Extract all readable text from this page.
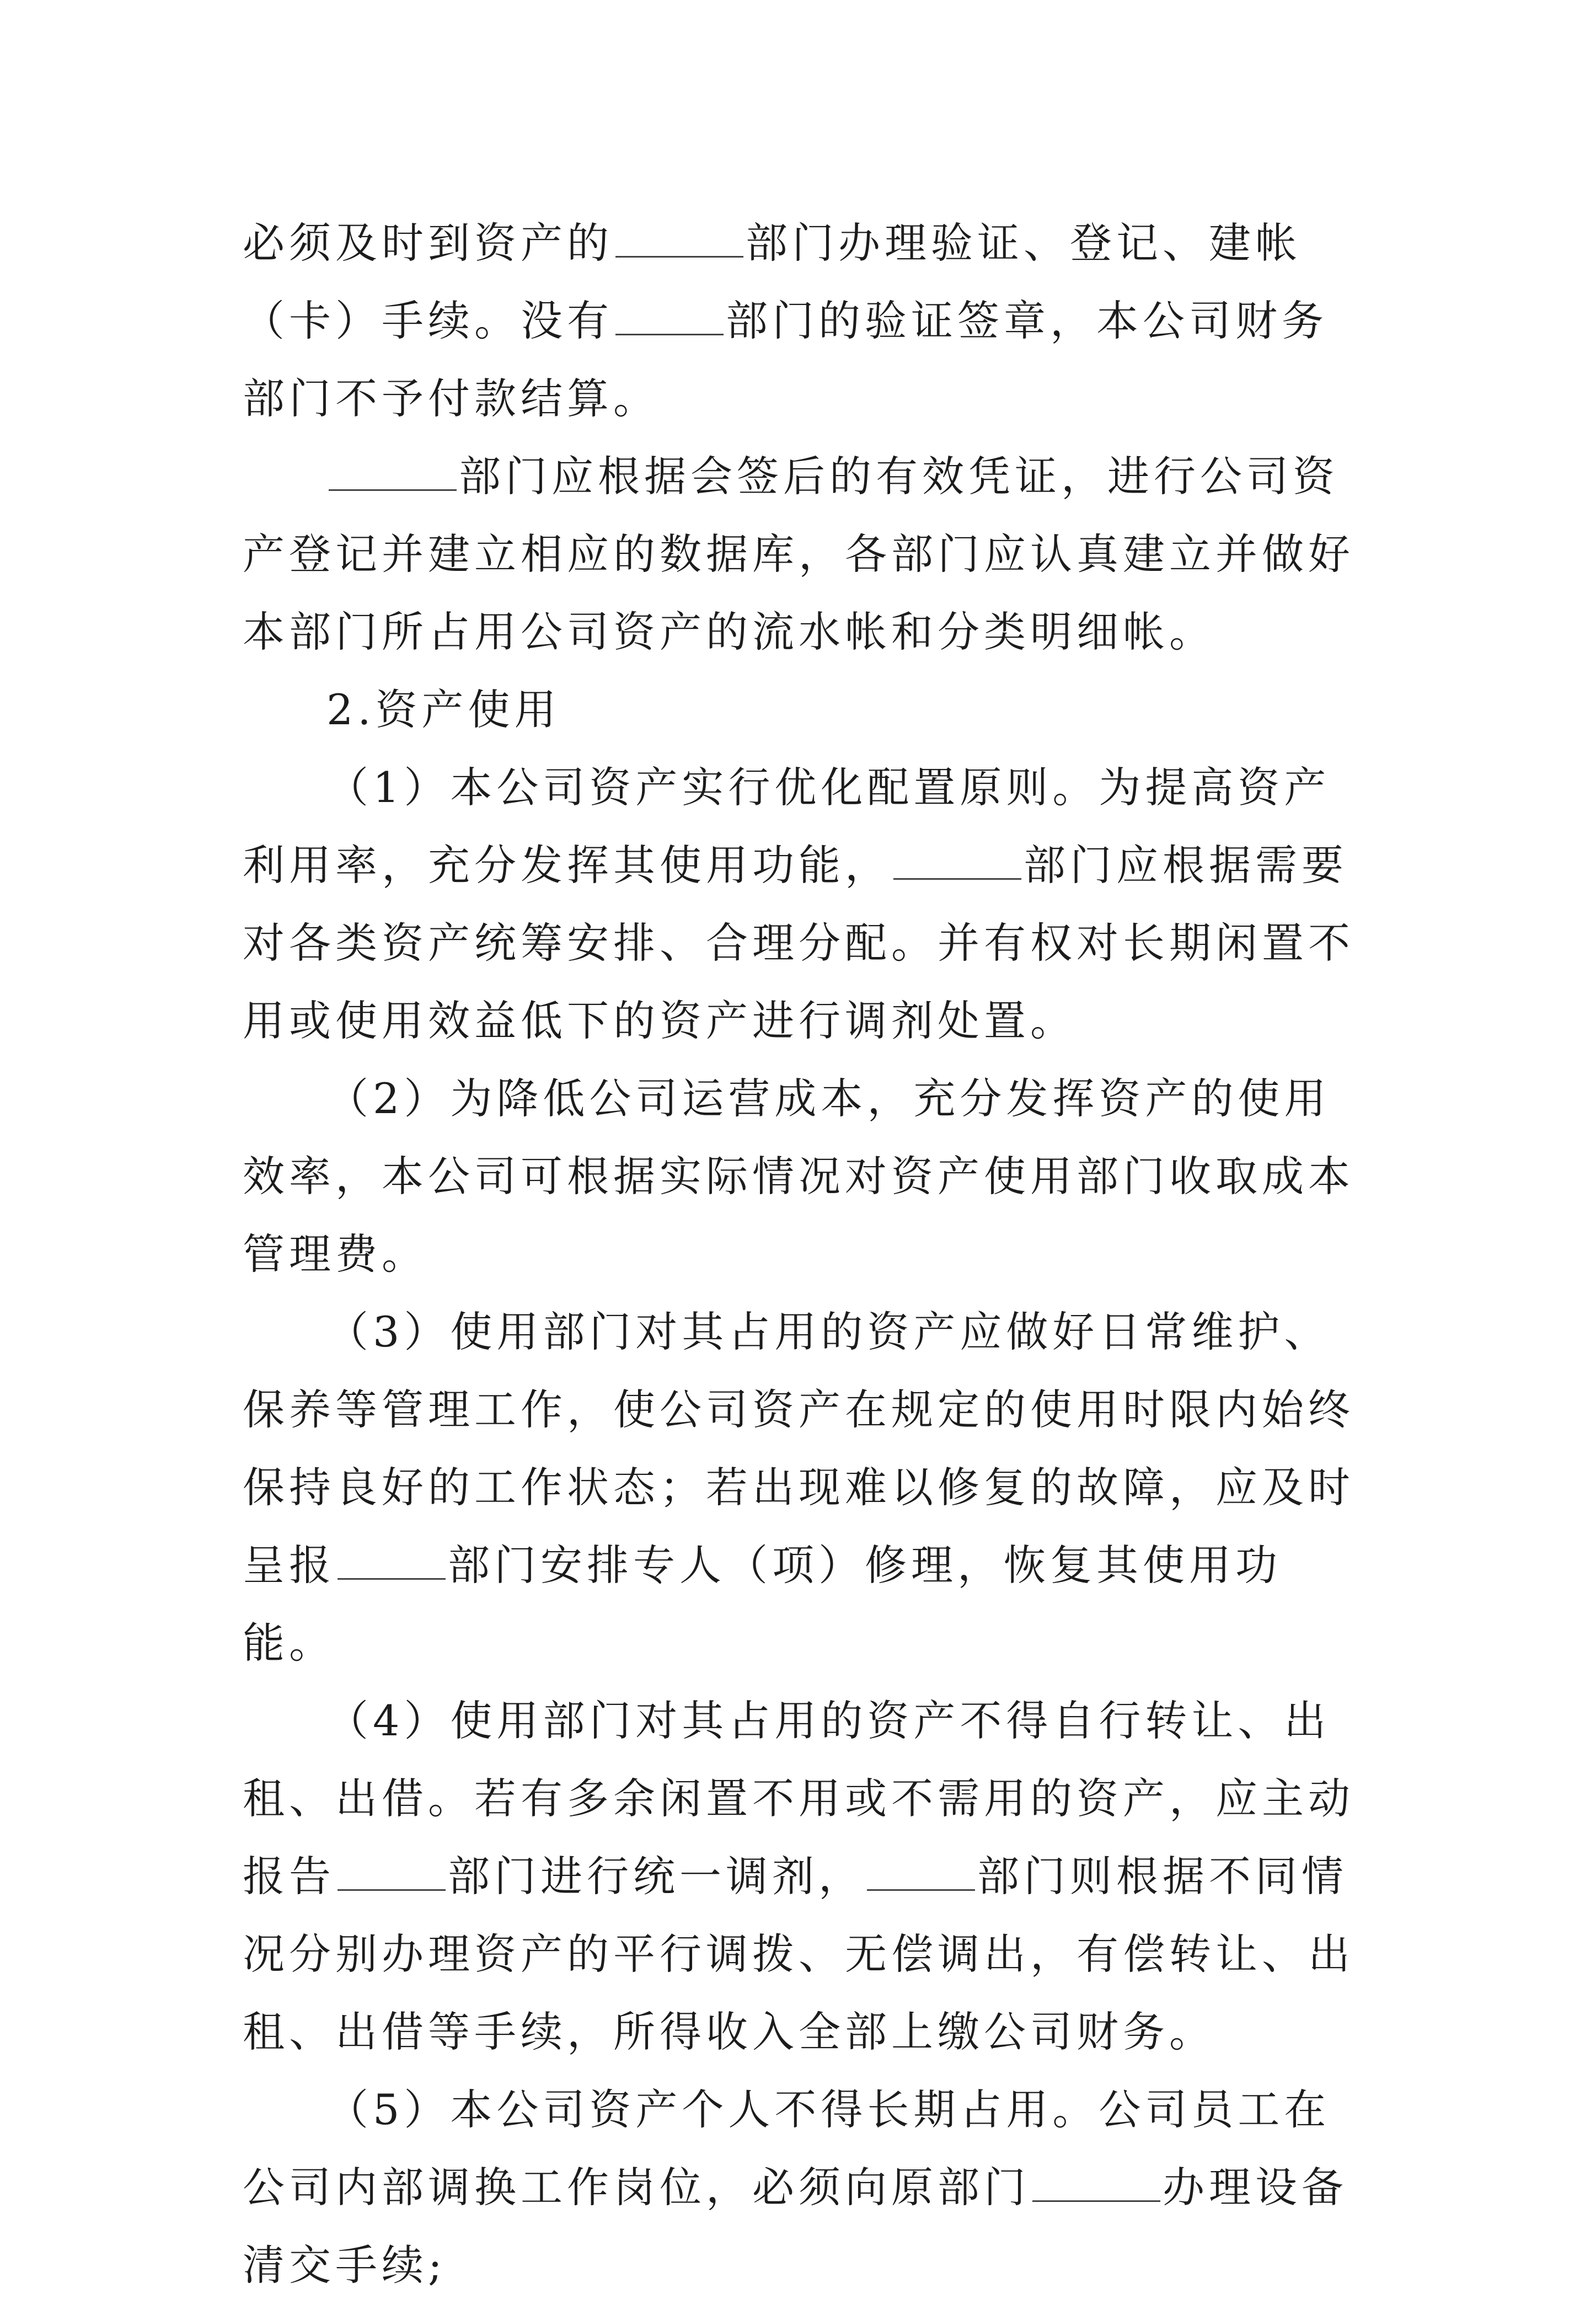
必须及时到资产的	部门办理验证、登记、建帐（卡）手续。没有	部门的验证签章，本公司财务部门不予付款结算。

部门应根据会签后的有效凭证，进行公司资产登记并建立相应的数据库，各部门应认真建立并做好本部门所占用公司资产的流水帐和分类明细帐。

2.资产使用

（1）本公司资产实行优化配置原则。为提高资产利用率，充分发挥其使用功能，	部门应根据需要对各类资产统筹安排、合理分配。并有权对长期闲置不用或使用效益低下的资产进行调剂处置。

（2）为降低公司运营成本，充分发挥资产的使用效率，本公司可根据实际情况对资产使用部门收取成本管理费。

（3）使用部门对其占用的资产应做好日常维护、保养等管理工作，使公司资产在规定的使用时限内始终保持良好的工作状态；若出现难以修复的故障，应及时呈报	部门安排专人（项）修理，恢复其使用功能。

（4）使用部门对其占用的资产不得自行转让、出租、出借。若有多余闲置不用或不需用的资产，应主动报告	部门进行统一调剂，	部门则根据不同情况分别办理资产的平行调拨、无偿调出，有偿转让、出租、出借等手续，所得收入全部上缴公司财务。

（5）本公司资产个人不得长期占用。公司员工在公司内部调换工作岗位，必须向原部门	办理设备清交手续;
